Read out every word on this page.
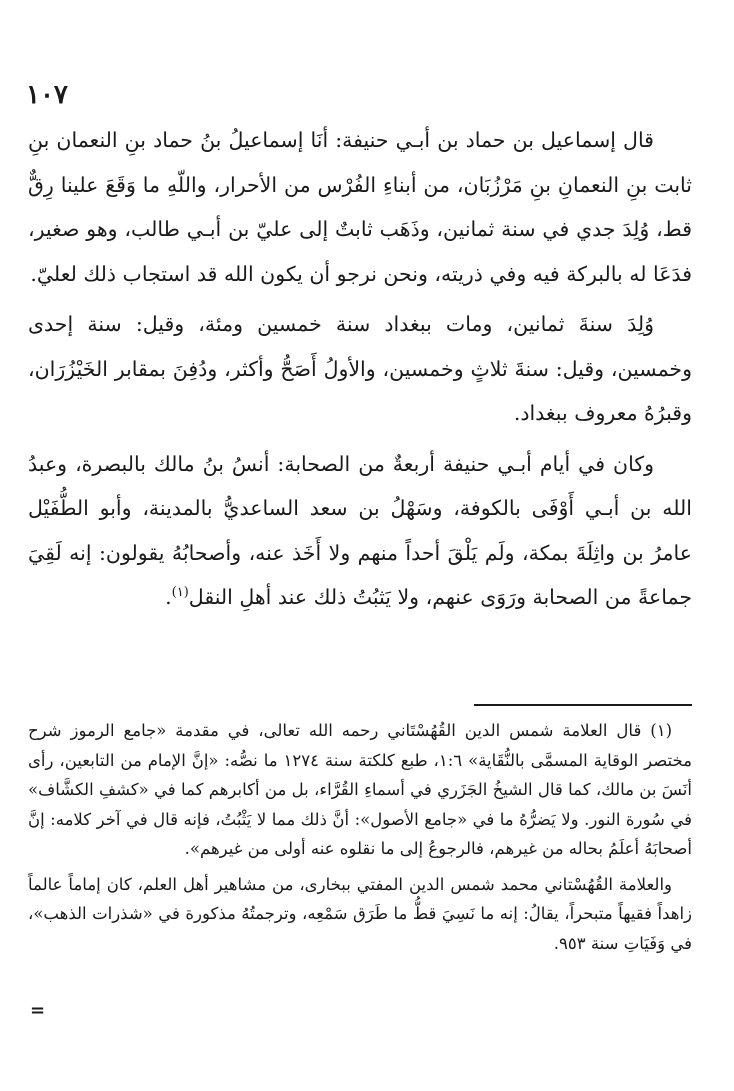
١٠٧

قال إسماعيل بن حماد بن أبـي حنيفة: أنَا إسماعيلُ بنُ حماد بنِ النعمان بنِ ثابت بنِ النعمانِ بنِ مَرْزُبَان، من أبناءِ الفُرْس من الأحرار، واللّهِ ما وَقَعَ علينا رِقٌّ قط، وُلِدَ جدي في سنة ثمانين، وذَهَب ثابتٌ إلى عليّ بن أبـي طالب، وهو صغير، فدَعَا له بالبركة فيه وفي ذريته، ونحن نرجو أن يكون الله قد استجاب ذلك لعليّ.

وُلِدَ سنةَ ثمانين، ومات ببغداد سنة خمسين ومئة، وقيل: سنة إحدى وخمسين، وقيل: سنةَ ثلاثٍ وخمسين، والأولُ أَصَحُّ وأكثر، ودُفِنَ بمقابر الخَيْزُرَان، وقبرُهُ معروف ببغداد.

وكان في أيام أبـي حنيفة أربعةٌ من الصحابة: أنسُ بنُ مالك بالبصرة، وعبدُ الله بن أبـي أَوْفَى بالكوفة، وسَهْلُ بن سعد الساعديُّ بالمدينة، وأبو الطُّفَيْل عامرُ بن واثِلَةَ بمكة، ولَم يَلْقَ أحداً منهم ولا أَخَذ عنه، وأصحابُهُ يقولون: إنه لَقِيَ جماعةً من الصحابة ورَوَى عنهم، ولا يَثبُتُ ذلك عند أهلِ النقل$^{(١)}$.

(١) قال العلامة شمس الدين القُهُسْتَاني رحمه الله تعالى، في مقدمة «جامع الرموز شرح مختصر الوقاية المسمَّى بالنُّقَاية» ١:٦، طبع كلكتة سنة ١٢٧٤ ما نصُّه: «إنَّ الإمام من التابعين، رأى أنَسَ بن مالك، كما قال الشيخُ الجَزَري في أسماءِ القُرَّاء، بل من أكابرهم كما في «كشفِ الكشَّاف» في سُورة النور. ولا يَضرُّهُ ما في «جامع الأصول»: أنَّ ذلك مما لا يَثْبُتُ، فإنه قال في آخر كلامه: إنَّ أصحابَهُ أعلَمُ بحاله من غيرهم، فالرجوعُ إلى ما نقلوه عنه أولى من غيرهم».

والعلامة القُهُسْتاني محمد شمس الدين المفتي ببخارى، من مشاهير أهل العلم، كان إماماً عالماً زاهداً فقيهاً متبحراً، يقالُ: إنه ما نَسِيَ قطُّ ما طَرَق سَمْعِه، وترجمتُهُ مذكورة في «شذرات الذهب»، في وَفَيَاتِ سنة ٩٥٣.

=
